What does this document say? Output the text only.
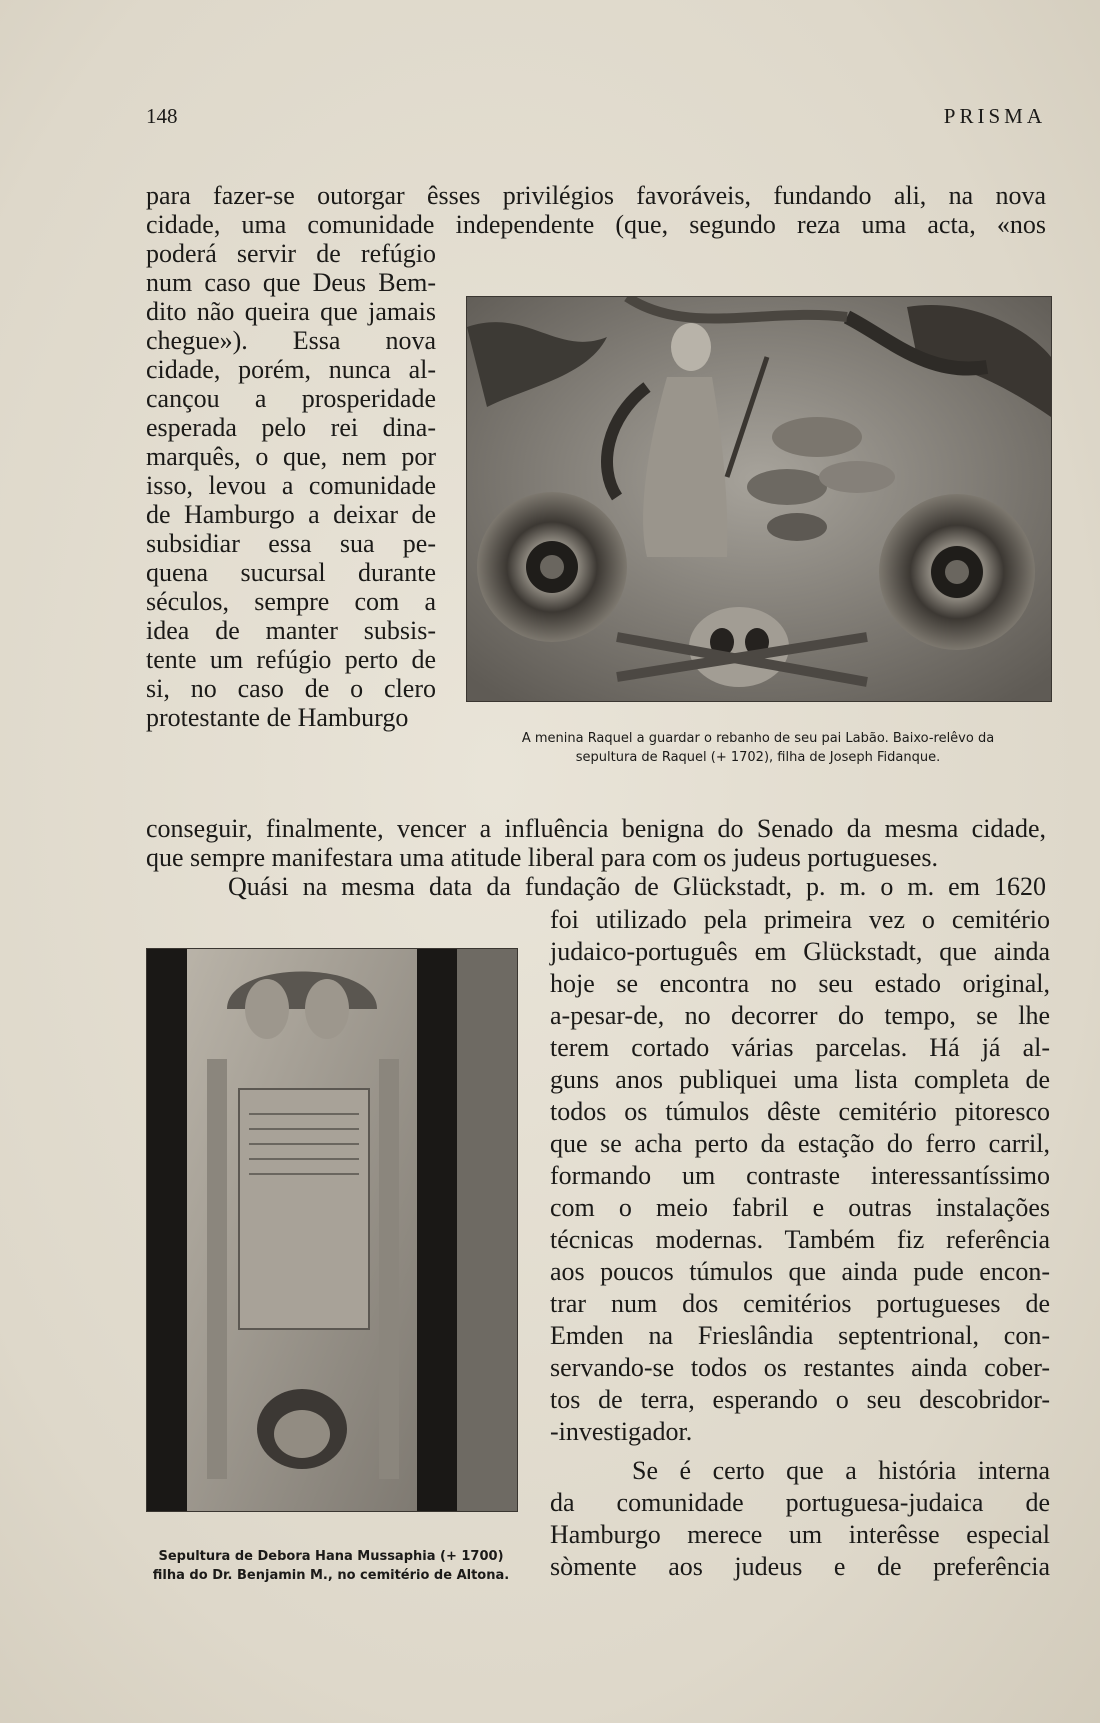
148	PRISMA
para fazer-se outorgar êsses privilégios favoráveis, fundando ali, na nova
cidade, uma comunidade independente (que, segundo reza uma acta, «nos
poderá servir de refúgio
num caso que Deus Bem-
dito não queira que jamais
chegue»). Essa nova
cidade, porém, nunca al-
cançou a prosperidade
esperada pelo rei dina-
marquês, o que, nem por
isso, levou a comunidade
de Hamburgo a deixar de
subsidiar essa sua pe-
quena sucursal durante
séculos, sempre com a
idea de manter subsis-
tente um refúgio perto de
si, no caso de o clero
protestante de Hamburgo
A menina Raquel a guardar o rebanho de seu pai Labão. Baixo-relêvo da
sepultura de Raquel (+ 1702), filha de Joseph Fidanque.
conseguir, finalmente, vencer a influência benigna do Senado da mesma cidade,
que sempre manifestara uma atitude liberal para com os judeus portugueses.
Quási na mesma data da fundação de Glückstadt, p. m. o m. em 1620
Sepultura de Debora Hana Mussaphia (+ 1700)
filha do Dr. Benjamin M., no cemitério de Altona.
foi utilizado pela primeira vez o cemitério
judaico-português em Glückstadt, que ainda
hoje se encontra no seu estado original,
a-pesar-de, no decorrer do tempo, se lhe
terem cortado várias parcelas. Há já al-
guns anos publiquei uma lista completa de
todos os túmulos dêste cemitério pitoresco
que se acha perto da estação do ferro carril,
formando um contraste interessantíssimo
com o meio fabril e outras instalações
técnicas modernas. Também fiz referência
aos poucos túmulos que ainda pude encon-
trar num dos cemitérios portugueses de
Emden na Frieslândia septentrional, con-
servando-se todos os restantes ainda cober-
tos de terra, esperando o seu descobridor-
-investigador.
Se é certo que a história interna
da comunidade portuguesa-judaica de
Hamburgo merece um interêsse especial
sòmente aos judeus e de preferência
